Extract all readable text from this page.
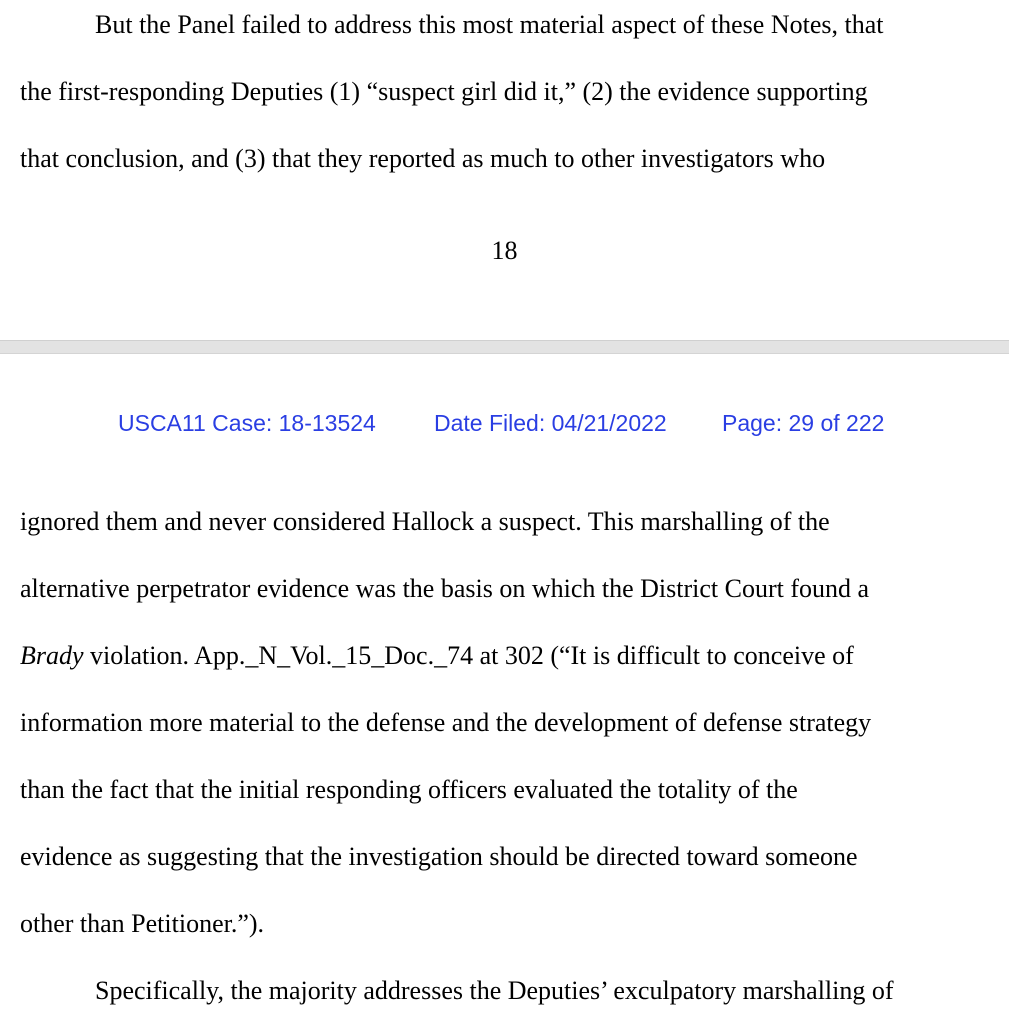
But the Panel failed to address this most material aspect of these Notes, that
the first-responding Deputies (1) “suspect girl did it,” (2) the evidence supporting
that conclusion, and (3) that they reported as much to other investigators who
18
USCA11 Case: 18-13524	Date Filed: 04/21/2022 Page: 29 of 222
ignored them and never considered Hallock a suspect. This marshalling of the
alternative perpetrator evidence was the basis on which the District Court found a
Brady violation. App._N_Vol._15_Doc._74 at 302 (“It is difficult to conceive of
information more material to the defense and the development of defense strategy
than the fact that the initial responding officers evaluated the totality of the
evidence as suggesting that the investigation should be directed toward someone
other than Petitioner.”).
Specifically, the majority addresses the Deputies’ exculpatory marshalling of
